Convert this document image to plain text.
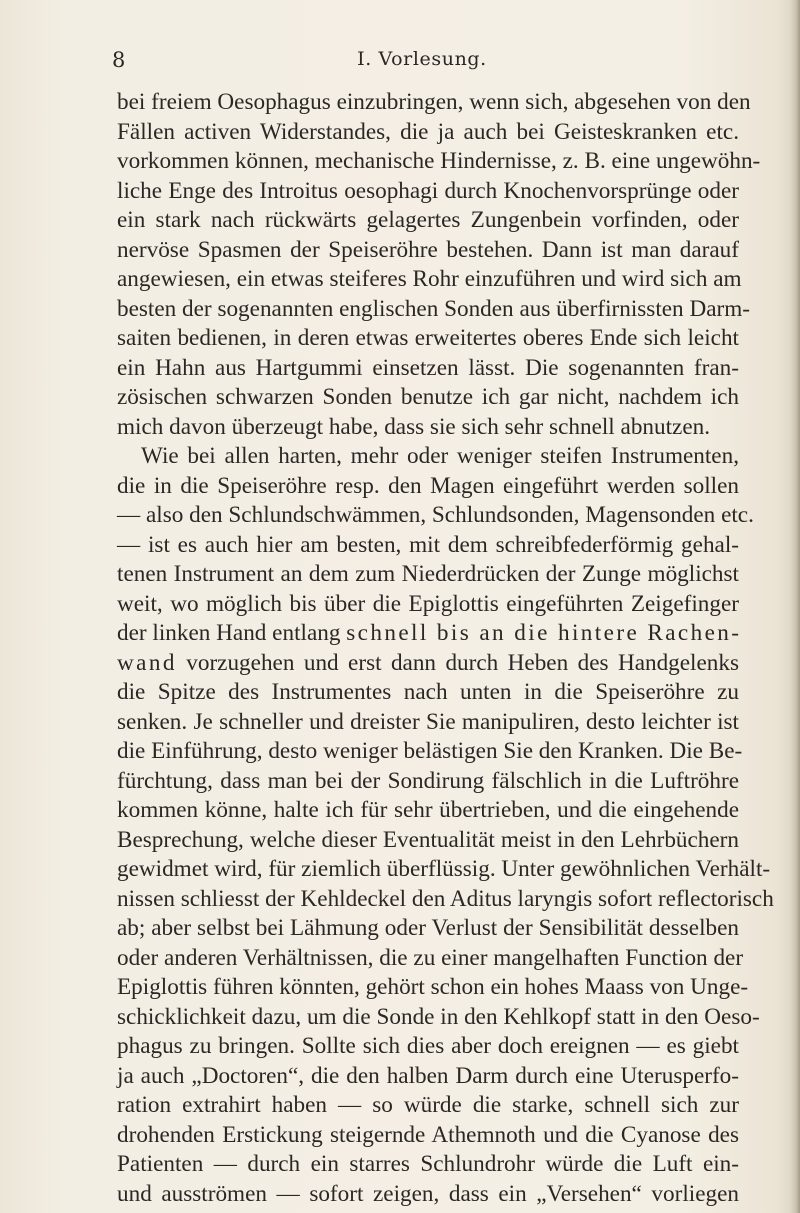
8	I. Vorlesung.
bei freiem Oesophagus einzubringen, wenn sich, abgesehen von den
Fällen activen Widerstandes, die ja auch bei Geisteskranken etc.
vorkommen können, mechanische Hindernisse, z. B. eine ungewöhn-
liche Enge des Introitus oesophagi durch Knochenvorsprünge oder
ein stark nach rückwärts gelagertes Zungenbein vorfinden, oder
nervöse Spasmen der Speiseröhre bestehen. Dann ist man darauf
angewiesen, ein etwas steiferes Rohr einzuführen und wird sich am
besten der sogenannten englischen Sonden aus überfirnissten Darm-
saiten bedienen, in deren etwas erweitertes oberes Ende sich leicht
ein Hahn aus Hartgummi einsetzen lässt. Die sogenannten fran-
zösischen schwarzen Sonden benutze ich gar nicht, nachdem ich
mich davon überzeugt habe, dass sie sich sehr schnell abnutzen.
Wie bei allen harten, mehr oder weniger steifen Instrumenten,
die in die Speiseröhre resp. den Magen eingeführt werden sollen
— also den Schlundschwämmen, Schlundsonden, Magensonden etc.
— ist es auch hier am besten, mit dem schreibfederförmig gehal-
tenen Instrument an dem zum Niederdrücken der Zunge möglichst
weit, wo möglich bis über die Epiglottis eingeführten Zeigefinger
der linken Hand entlang schnell bis an die hintere Rachen-
wand vorzugehen und erst dann durch Heben des Handgelenks
die Spitze des Instrumentes nach unten in die Speiseröhre zu
senken. Je schneller und dreister Sie manipuliren, desto leichter ist
die Einführung, desto weniger belästigen Sie den Kranken. Die Be-
fürchtung, dass man bei der Sondirung fälschlich in die Luftröhre
kommen könne, halte ich für sehr übertrieben, und die eingehende
Besprechung, welche dieser Eventualität meist in den Lehrbüchern
gewidmet wird, für ziemlich überflüssig. Unter gewöhnlichen Verhält-
nissen schliesst der Kehldeckel den Aditus laryngis sofort reflectorisch
ab; aber selbst bei Lähmung oder Verlust der Sensibilität desselben
oder anderen Verhältnissen, die zu einer mangelhaften Function der
Epiglottis führen könnten, gehört schon ein hohes Maass von Unge-
schicklichkeit dazu, um die Sonde in den Kehlkopf statt in den Oeso-
phagus zu bringen. Sollte sich dies aber doch ereignen — es giebt
ja auch „Doctoren“, die den halben Darm durch eine Uterusperfo-
ration extrahirt haben — so würde die starke, schnell sich zur
drohenden Erstickung steigernde Athemnoth und die Cyanose des
Patienten — durch ein starres Schlundrohr würde die Luft ein-
und ausströmen — sofort zeigen, dass ein „Versehen“ vorliegen
